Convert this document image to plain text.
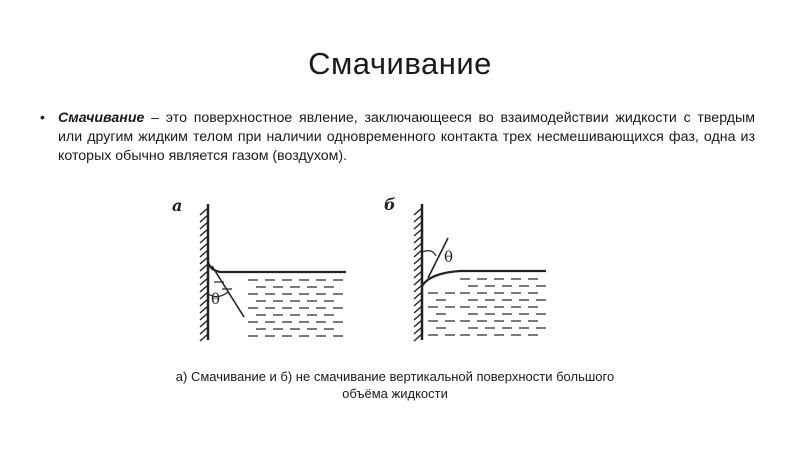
Смачивание
• Смачивание – это поверхностное явление, заключающееся во взаимодействии жидкости с твердым или другим жидким телом при наличии одновременного контакта трех несмешивающихся фаз, одна из которых обычно является газом (воздухом).
а
θ
б
θ
а) Смачивание и б) не смачивание вертикальной поверхности большого
объёма жидкости
